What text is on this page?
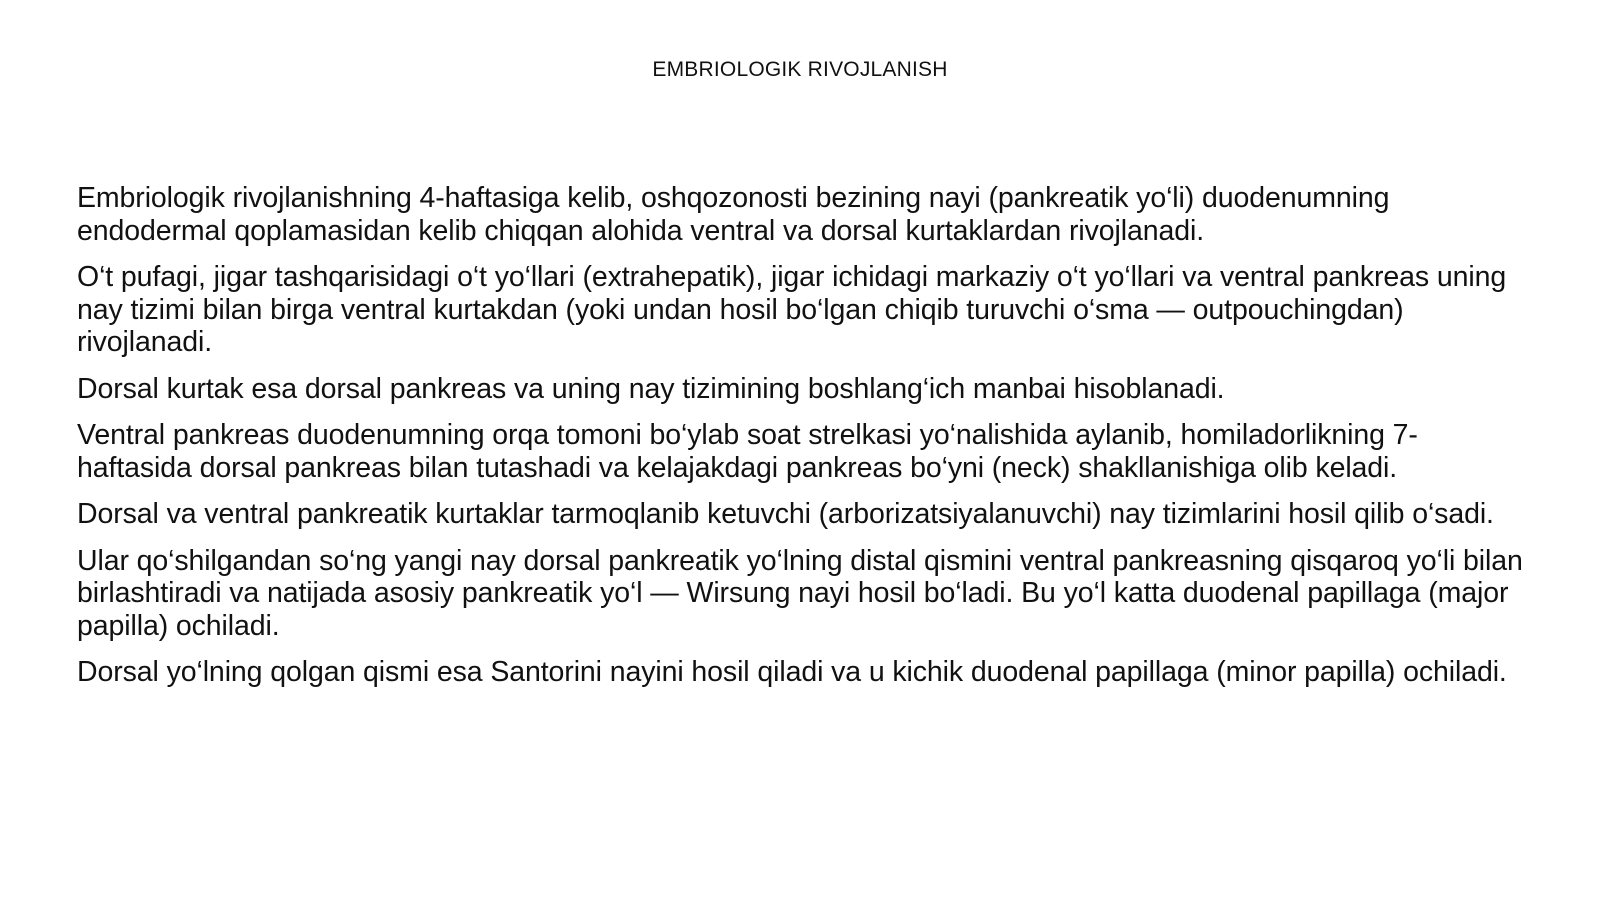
EMBRIOLOGIK RIVOJLANISH

Embriologik rivojlanishning 4-haftasiga kelib, oshqozonosti bezining nayi (pankreatik yo‘li) duodenumning endodermal qoplamasidan kelib chiqqan alohida ventral va dorsal kurtaklardan rivojlanadi.

O‘t pufagi, jigar tashqarisidagi o‘t yo‘llari (extrahepatik), jigar ichidagi markaziy o‘t yo‘llari va ventral pankreas uning nay tizimi bilan birga ventral kurtakdan (yoki undan hosil bo‘lgan chiqib turuvchi o‘sma — outpouchingdan) rivojlanadi.

Dorsal kurtak esa dorsal pankreas va uning nay tizimining boshlang‘ich manbai hisoblanadi.

Ventral pankreas duodenumning orqa tomoni bo‘ylab soat strelkasi yo‘nalishida aylanib, homiladorlikning 7-haftasida dorsal pankreas bilan tutashadi va kelajakdagi pankreas bo‘yni (neck) shakllanishiga olib keladi.

Dorsal va ventral pankreatik kurtaklar tarmoqlanib ketuvchi (arborizatsiyalanuvchi) nay tizimlarini hosil qilib o‘sadi.

Ular qo‘shilgandan so‘ng yangi nay dorsal pankreatik yo‘lning distal qismini ventral pankreasning qisqaroq yo‘li bilan birlashtiradi va natijada asosiy pankreatik yo‘l — Wirsung nayi hosil bo‘ladi. Bu yo‘l katta duodenal papillaga (major papilla) ochiladi.

Dorsal yo‘lning qolgan qismi esa Santorini nayini hosil qiladi va u kichik duodenal papillaga (minor papilla) ochiladi.
